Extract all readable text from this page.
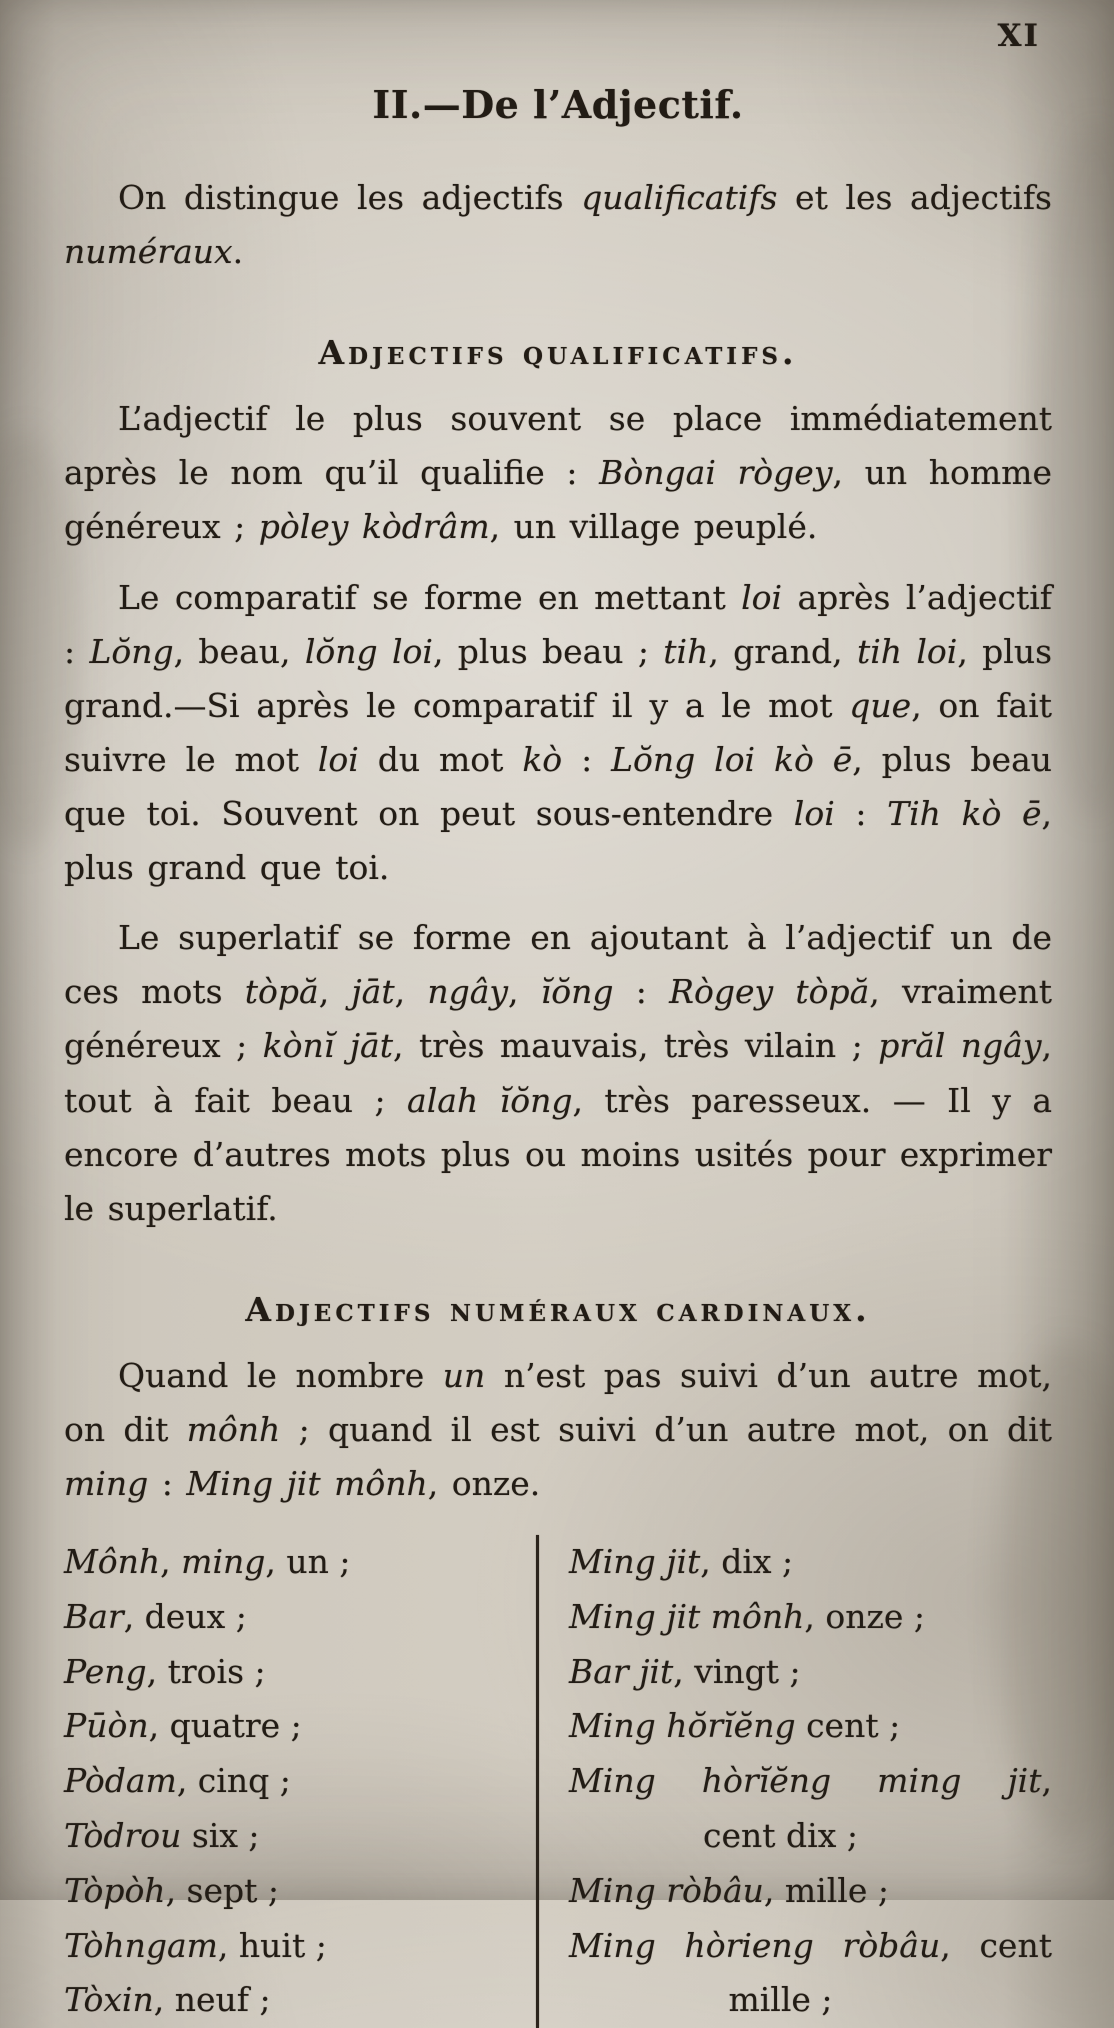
XI
II.—De l’Adjectif.

On distingue les adjectifs qualificatifs et les adjectifs numéraux.

Adjectifs qualificatifs.

L’adjectif le plus souvent se place immédiatement après le nom qu’il qualifie : Bòngai rògey, un homme généreux ; pòley kòdrâm, un village peuplé.

Le comparatif se forme en mettant loi après l’adjectif : Lŏng, beau, lŏng loi, plus beau ; tih, grand, tih loi, plus grand.—Si après le comparatif il y a le mot que, on fait suivre le mot loi du mot kò : Lŏng loi kò ē, plus beau que toi. Souvent on peut sous-entendre loi : Tih kò ē, plus grand que toi.

Le superlatif se forme en ajoutant à l’adjectif un de ces mots tòpă, jāt, ngây, ĭŏng : Rògey tòpă, vraiment généreux ; kònĭ jāt, très mauvais, très vilain ; prăl ngây, tout à fait beau ; alah ĭŏng, très paresseux. — Il y a encore d’autres mots plus ou moins usités pour exprimer le superlatif.

Adjectifs numéraux cardinaux.

Quand le nombre un n’est pas suivi d’un autre mot, on dit mônh ; quand il est suivi d’un autre mot, on dit ming : Ming jit mônh, onze.

Mônh, ming, un ;
Bar, deux ;
Peng, trois ;
Pūòn, quatre ;
Pòdam, cinq ;
Tòdrou six ;
Tòpòh, sept ;
Tòhngam, huit ;
Tòxin, neuf ;
Ming jit, dix ;
Ming jit mônh, onze ;
Bar jit, vingt ;
Ming hŏrĭĕng cent ;
Ming hòrĭĕng ming jit,
cent dix ;
Ming ròbâu, mille ;
Ming hòrieng ròbâu, cent
mille ;
